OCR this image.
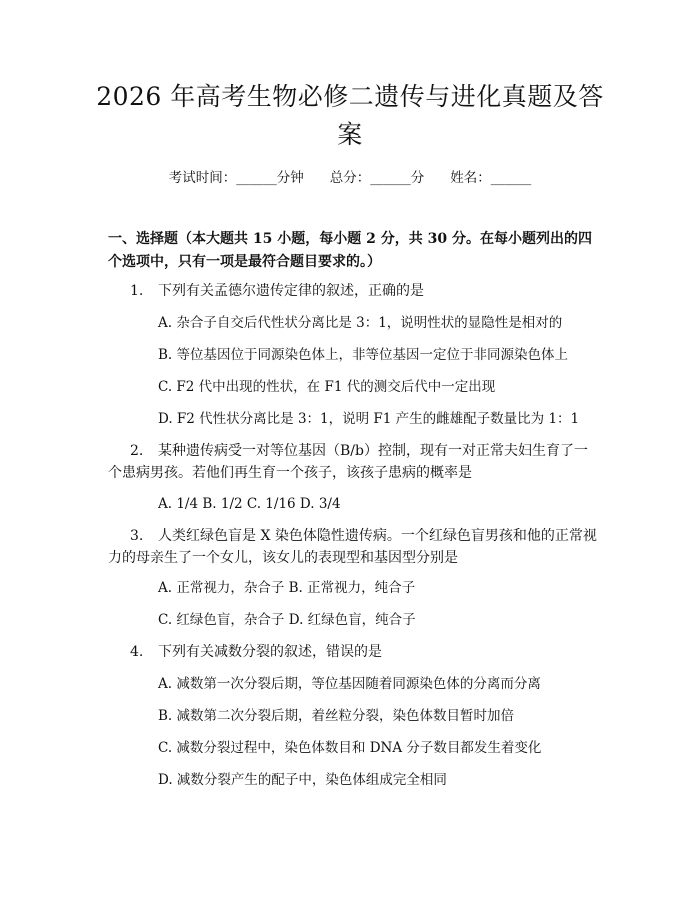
2026 年高考生物必修二遗传与进化真题及答案
考试时间：______分钟 总分：______分 姓名：______

一、选择题（本大题共 15 小题，每小题 2 分，共 30 分。在每小题列出的四个选项中，只有一项是最符合题目要求的。）

1. 下列有关孟德尔遗传定律的叙述，正确的是

A. 杂合子自交后代性状分离比是 3：1，说明性状的显隐性是相对的

B. 等位基因位于同源染色体上，非等位基因一定位于非同源染色体上

C. F2 代中出现的性状，在 F1 代的测交后代中一定出现

D. F2 代性状分离比是 3：1，说明 F1 产生的雌雄配子数量比为 1：1

2. 某种遗传病受一对等位基因（B/b）控制，现有一对正常夫妇生育了一个患病男孩。若他们再生育一个孩子，该孩子患病的概率是

A. 1/4 B. 1/2 C. 1/16 D. 3/4

3. 人类红绿色盲是 X 染色体隐性遗传病。一个红绿色盲男孩和他的正常视力的母亲生了一个女儿，该女儿的表现型和基因型分别是

A. 正常视力，杂合子 B. 正常视力，纯合子

C. 红绿色盲，杂合子 D. 红绿色盲，纯合子

4. 下列有关减数分裂的叙述，错误的是

A. 减数第一次分裂后期，等位基因随着同源染色体的分离而分离

B. 减数第二次分裂后期，着丝粒分裂，染色体数目暂时加倍

C. 减数分裂过程中，染色体数目和 DNA 分子数目都发生着变化

D. 减数分裂产生的配子中，染色体组成完全相同
